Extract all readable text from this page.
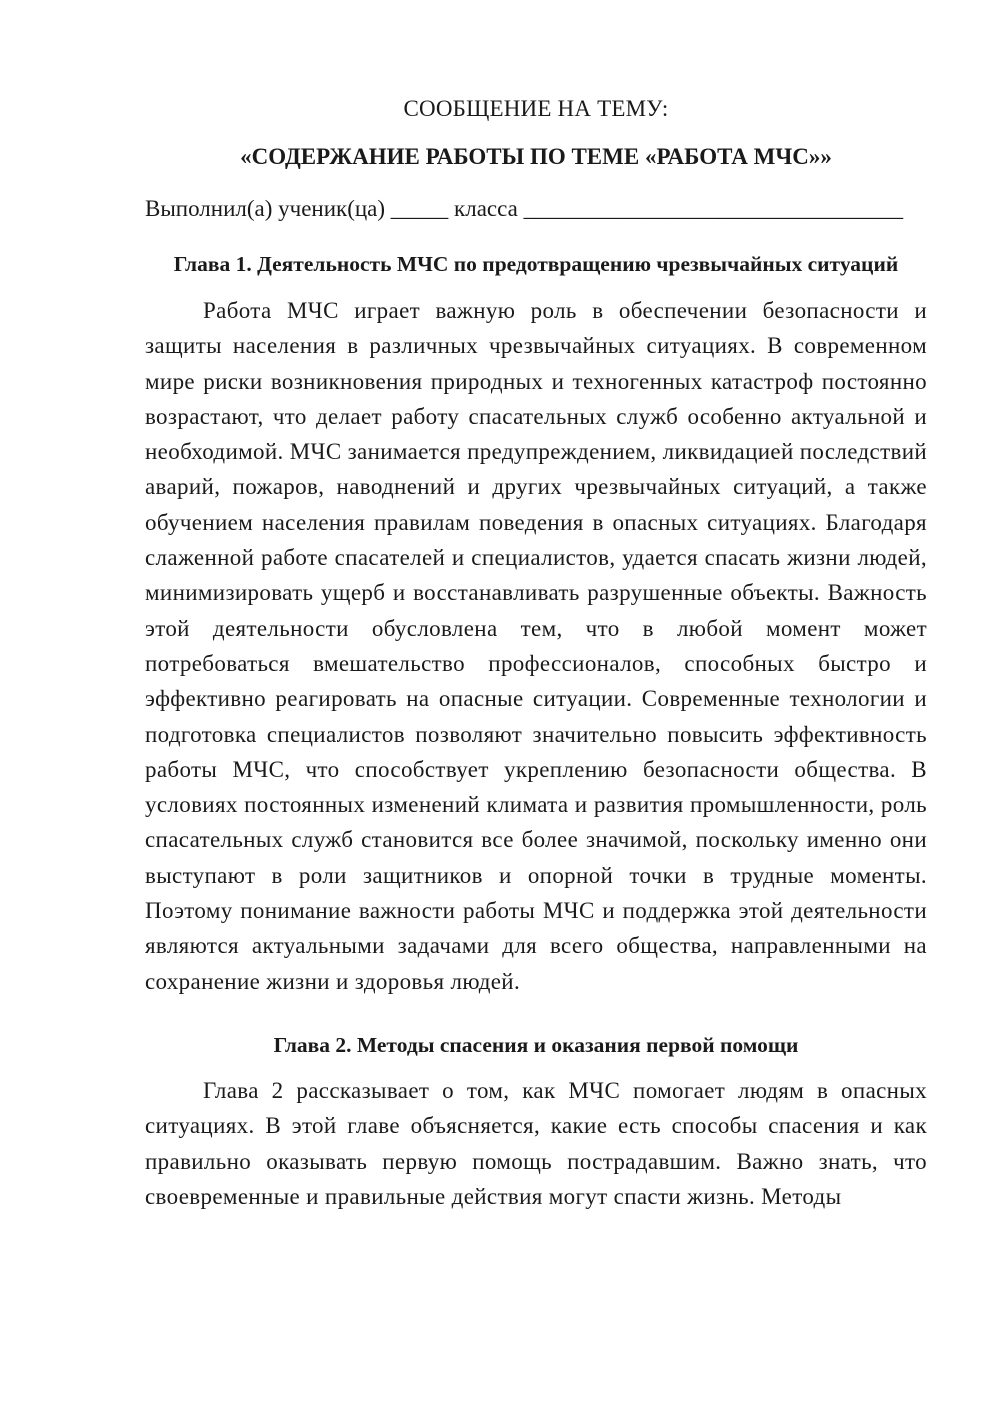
СООБЩЕНИЕ НА ТЕМУ:

«СОДЕРЖАНИЕ РАБОТЫ ПО ТЕМЕ «РАБОТА МЧС»»

Выполнил(а) ученик(ца) _____ класса _________________________________
Глава 1. Деятельность МЧС по предотвращению чрезвычайных ситуаций

Работа МЧС играет важную роль в обеспечении безопасности и защиты населения в различных чрезвычайных ситуациях. В современном мире риски возникновения природных и техногенных катастроф постоянно возрастают, что делает работу спасательных служб особенно актуальной и необходимой. МЧС занимается предупреждением, ликвидацией последствий аварий, пожаров, наводнений и других чрезвычайных ситуаций, а также обучением населения правилам поведения в опасных ситуациях. Благодаря слаженной работе спасателей и специалистов, удается спасать жизни людей, минимизировать ущерб и восстанавливать разрушенные объекты. Важность этой деятельности обусловлена тем, что в любой момент может потребоваться вмешательство профессионалов, способных быстро и эффективно реагировать на опасные ситуации. Современные технологии и подготовка специалистов позволяют значительно повысить эффективность работы МЧС, что способствует укреплению безопасности общества. В условиях постоянных изменений климата и развития промышленности, роль спасательных служб становится все более значимой, поскольку именно они выступают в роли защитников и опорной точки в трудные моменты. Поэтому понимание важности работы МЧС и поддержка этой деятельности являются актуальными задачами для всего общества, направленными на сохранение жизни и здоровья людей.

Глава 2. Методы спасения и оказания первой помощи

Глава 2 рассказывает о том, как МЧС помогает людям в опасных ситуациях. В этой главе объясняется, какие есть способы спасения и как правильно оказывать первую помощь пострадавшим. Важно знать, что своевременные и правильные действия могут спасти жизнь. Методы
